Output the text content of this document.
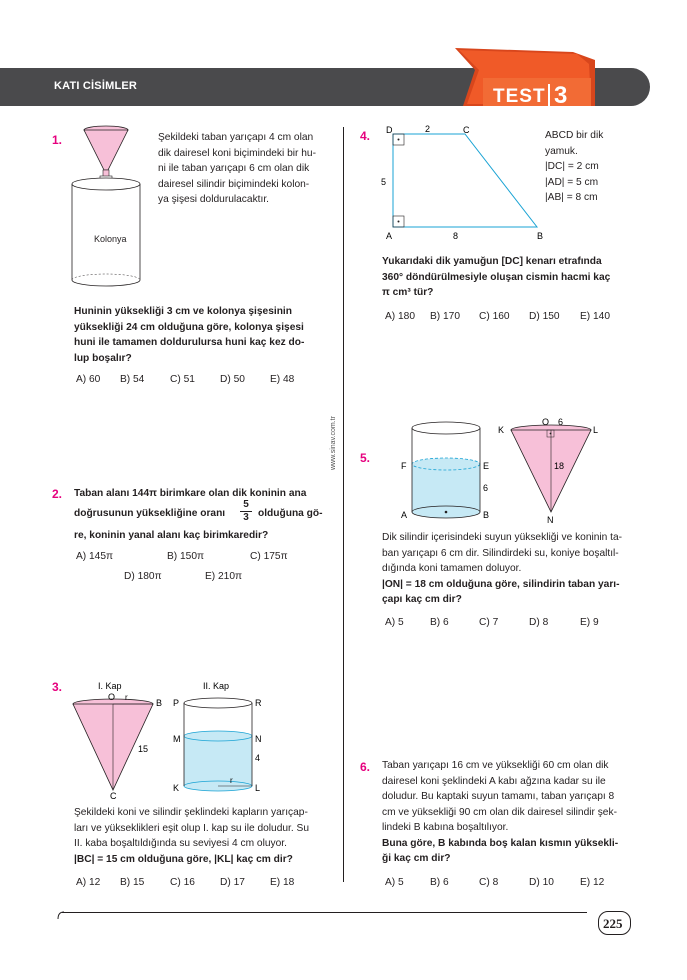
KATI CİSİMLER	TEST 3
www.sinav.com.tr
1.
Kolonya
Şekildeki taban yarıçapı 4 cm olan
dik dairesel koni biçimindeki bir hu-
ni ile taban yarıçapı 6 cm olan dik
dairesel silindir biçimindeki kolon-
ya şişesi doldurulacaktır.
Huninin yüksekliği 3 cm ve kolonya şişesinin
yüksekliği 24 cm olduğuna göre, kolonya şişesi
huni ile tamamen doldurulursa huni kaç kez do-
lup boşalır?
A) 60 B) 54	C) 51 D) 50 E) 48
2. Taban alanı 144π birimkare olan dik koninin ana
doğrusunun yüksekliğine oranı
5
3 olduğuna gö-
re, koninin yanal alanı kaç birimkaredir?
A) 145π	B) 150π	C) 175π
D) 180π	E) 210π
3.	I. Kap	II. Kap
O r
B
15
C
P	R
M	N
4
K	L
r
Şekildeki koni ve silindir şeklindeki kapların yarıçap-
ları ve yükseklikleri eşit olup I. kap su ile doludur. Su
II. kaba boşaltıldığında su seviyesi 4 cm oluyor.
|BC| = 15 cm olduğuna göre, |KL| kaç cm dir?
A) 12 B) 15	C) 16 D) 17 E) 18
4. D	C
2
5
A	8	B
ABCD bir dik
yamuk.
|DC| = 2 cm
|AD| = 5 cm
|AB| = 8 cm
Yukarıdaki dik yamuğun [DC] kenarı etrafında
360° döndürülmesiyle oluşan cismin hacmi kaç
π cm³ tür?
A) 180 B) 170 C) 160 D) 150 E) 140
5.
F	E
6
A	B
K
O 6
L
18
N
Dik silindir içerisindeki suyun yüksekliği ve koninin ta-
ban yarıçapı 6 cm dir. Silindirdeki su, koniye boşaltıl-
dığında koni tamamen doluyor.
|ON| = 18 cm olduğuna göre, silindirin taban yarı-
çapı kaç cm dir?
A) 5	B) 6	C) 7	D) 8	E) 9
6. Taban yarıçapı 16 cm ve yüksekliği 60 cm olan dik
dairesel koni şeklindeki A kabı ağzına kadar su ile
doludur. Bu kaptaki suyun tamamı, taban yarıçapı 8
cm ve yüksekliği 90 cm olan dik dairesel silindir şek-
lindeki B kabına boşaltılıyor.
Buna göre, B kabında boş kalan kısmın yüksekli-
ği kaç cm dir?
A) 5	B) 6	C) 8	D) 10	E) 12
225
